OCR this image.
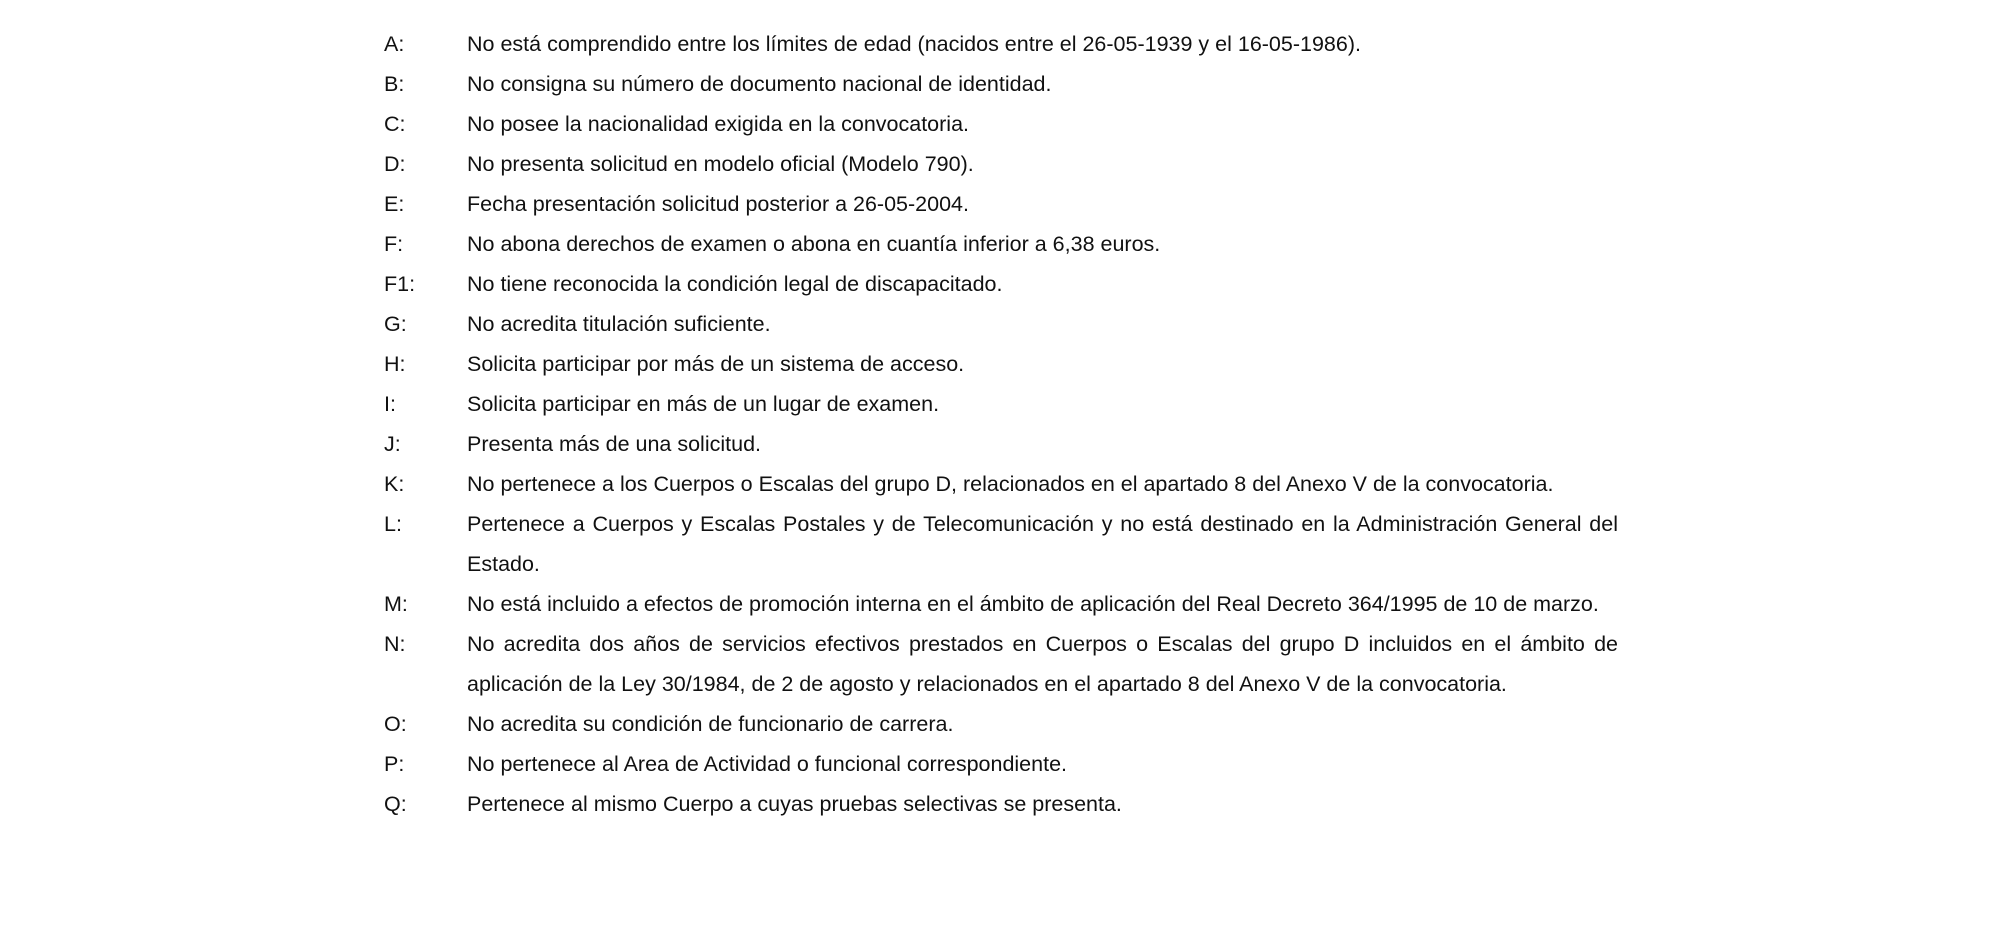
A:	No está comprendido entre los límites de edad (nacidos entre el 26-05-1939 y el 16-05-1986).
B:	No consigna su número de documento nacional de identidad.
C:	No posee la nacionalidad exigida en la convocatoria.
D:	No presenta solicitud en modelo oficial (Modelo 790).
E:	Fecha presentación solicitud posterior a 26-05-2004.
F:	No abona derechos de examen o abona en cuantía inferior a 6,38 euros.
F1:	No tiene reconocida la condición legal de discapacitado.
G:	No acredita titulación suficiente.
H:	Solicita participar por más de un sistema de acceso.
I:	Solicita participar en más de un lugar de examen.
J:	Presenta más de una solicitud.
K:	No pertenece a los Cuerpos o Escalas del grupo D, relacionados en el apartado 8 del Anexo V de la convocatoria.
L:	Pertenece a Cuerpos y Escalas Postales y de Telecomunicación y no está destinado en la Administración General del Estado.
M:	No está incluido a efectos de promoción interna en el ámbito de aplicación del Real Decreto 364/1995 de 10 de marzo.
N:	No acredita dos años de servicios efectivos prestados en Cuerpos o Escalas del grupo D incluidos en el ámbito de aplicación de la Ley 30/1984, de 2 de agosto y relacionados en el apartado 8 del Anexo V de la convocatoria.
O:	No acredita su condición de funcionario de carrera.
P:	No pertenece al Area de Actividad o funcional correspondiente.
Q:	Pertenece al mismo Cuerpo a cuyas pruebas selectivas se presenta.
